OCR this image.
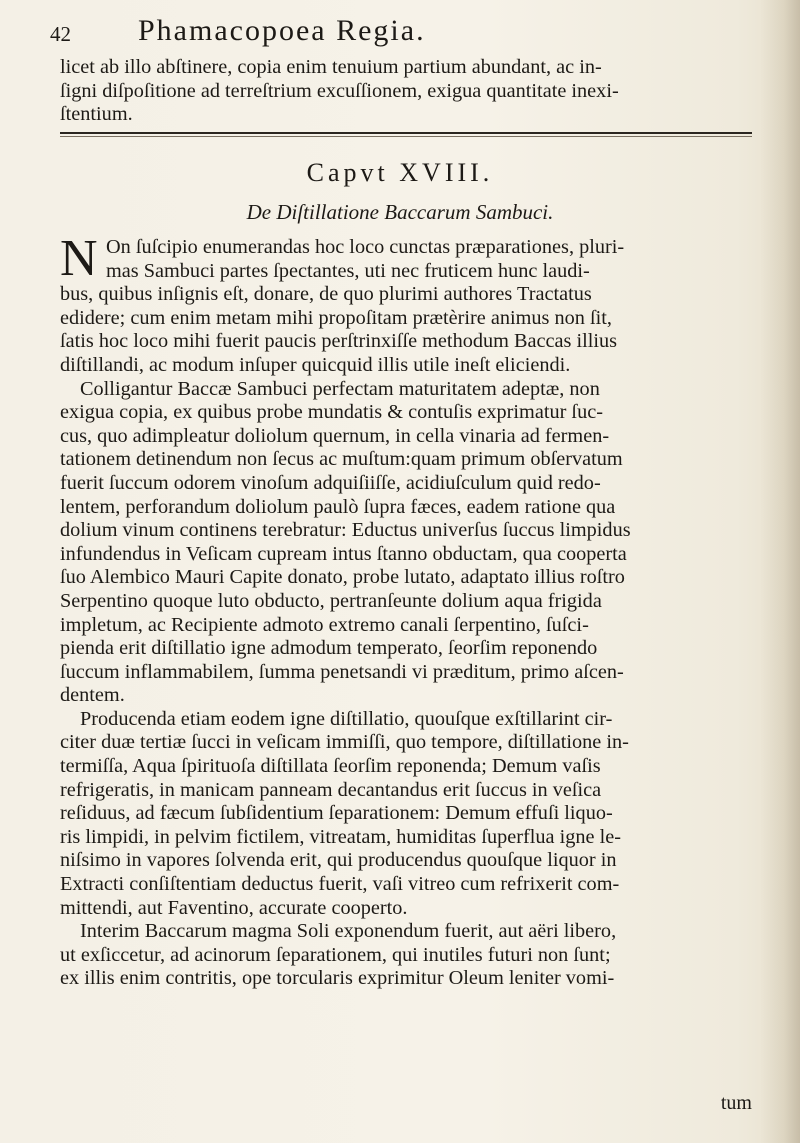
42 Phamacopoea Regia.
licet ab illo abſtinere, copia enim tenuium partium abundant, ac in-
ſigni diſpoſitione ad terreſtrium excuſſionem, exigua quantitate inexi-
ſtentium.
Capvt XVIII.
De Diſtillatione Baccarum Sambuci.
N On ſuſcipio enumerandas hoc loco cunctas præparationes, pluri-
mas Sambuci partes ſpectantes, uti nec fruticem hunc laudi-
bus, quibus inſignis eſt, donare, de quo plurimi authores Tractatus
edidere; cum enim metam mihi propoſitam prætèrire animus non ſit,
ſatis hoc loco mihi fuerit paucis perſtrinxiſſe methodum Baccas illius
diſtillandi, ac modum inſuper quicquid illis utile ineſt eliciendi.
Colligantur Baccæ Sambuci perfectam maturitatem adeptæ, non
exigua copia, ex quibus probe mundatis & contuſis exprimatur ſuc-
cus, quo adimpleatur doliolum quernum, in cella vinaria ad fermen-
tationem detinendum non ſecus ac muſtum:quam primum obſervatum
fuerit ſuccum odorem vinoſum adquiſiiſſe, acidiuſculum quid redo-
lentem, perforandum doliolum paulò ſupra fæces, eadem ratione qua
dolium vinum continens terebratur: Eductus univerſus ſuccus limpidus
infundendus in Veſicam cupream intus ſtanno obductam, qua cooperta
ſuo Alembico Mauri Capite donato, probe lutato, adaptato illius roſtro
Serpentino quoque luto obducto, pertranſeunte dolium aqua frigida
impletum, ac Recipiente admoto extremo canali ſerpentino, ſuſci-
pienda erit diſtillatio igne admodum temperato, ſeorſim reponendo
ſuccum inflammabilem, ſumma penetsandi vi præditum, primo aſcen-
dentem.
Producenda etiam eodem igne diſtillatio, quouſque exſtillarint cir-
citer duæ tertiæ ſucci in veſicam immiſſi, quo tempore, diſtillatione in-
termiſſa, Aqua ſpirituoſa diſtillata ſeorſim reponenda; Demum vaſis
refrigeratis, in manicam panneam decantandus erit ſuccus in veſica
reſiduus, ad fæcum ſubſidentium ſeparationem: Demum effuſi liquo-
ris limpidi, in pelvim fictilem, vitreatam, humiditas ſuperflua igne le-
niſsimo in vapores ſolvenda erit, qui producendus quouſque liquor in
Extracti conſiſtentiam deductus fuerit, vaſi vitreo cum refrixerit com-
mittendi, aut Faventino, accurate cooperto.
Interim Baccarum magma Soli exponendum fuerit, aut aëri libero,
ut exſiccetur, ad acinorum ſeparationem, qui inutiles futuri non ſunt;
ex illis enim contritis, ope torcularis exprimitur Oleum leniter vomi-
tum
